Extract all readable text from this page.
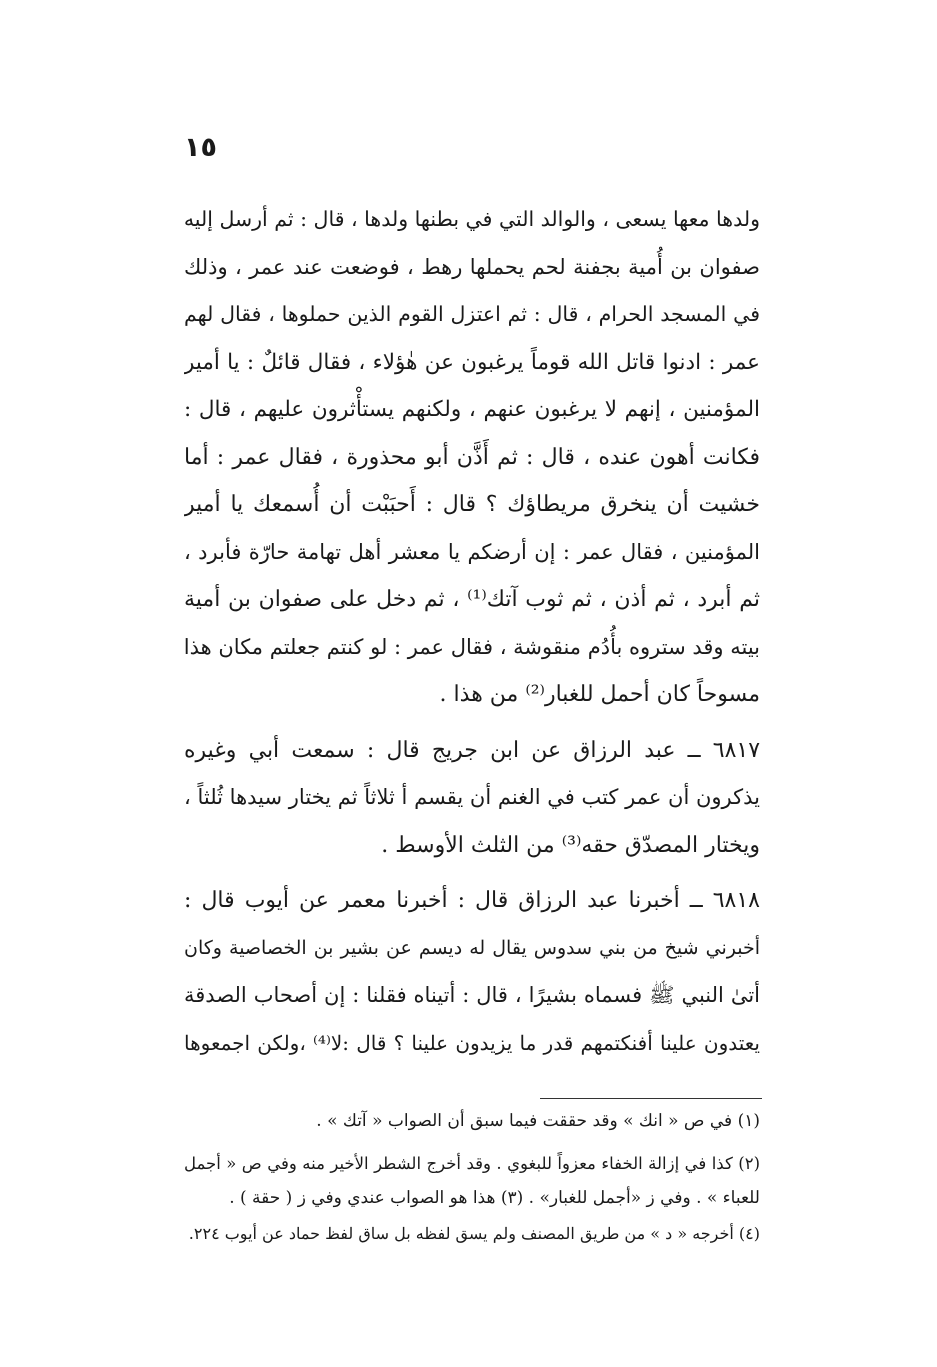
١٥
ولدها معها يسعى ، والوالد التي في بطنها ولدها ، قال : ثم أرسل إليه
صفوان بن أُمية بجفنة لحم يحملها رهط ، فوضعت عند عمر ، وذلك
في المسجد الحرام ، قال : ثم اعتزل القوم الذين حملوها ، فقال لهم
عمر : ادنوا قاتل الله قوماً يرغبون عن هٰؤلاء ، فقال قائلٌ : يا أمير
المؤمنين ، إنهم لا يرغبون عنهم ، ولكنهم يستأْثرون عليهم ، قال :
فكانت أهون عنده ، قال : ثم أَذَّن أبو محذورة ، فقال عمر : أما
خشيت أن ينخرق مريطاؤك ؟ قال : أَحبَبْت أن أُسمعك يا أمير
المؤمنين ، فقال عمر : إن أرضكم يا معشر أهل تهامة حارّة فأبرد ،
ثم أبرد ، ثم أذن ، ثم ثوب آتك⁽¹⁾ ، ثم دخل على صفوان بن أمية
بيته وقد ستروه بأُدُم منقوشة ، فقال عمر : لو كنتم جعلتم مكان هذا
مسوحاً كان أحمل للغبار⁽²⁾ من هذا .
٦٨١٧ ــ عبد الرزاق عن ابن جريج قال : سمعت أبي وغيره
يذكرون أن عمر كتب في الغنم أن يقسم أ ثلاثاً ثم يختار سيدها ثُلثاً ،
ويختار المصدّق حقه⁽³⁾ من الثلث الأوسط .
٦٨١٨ ــ أخبرنا عبد الرزاق قال : أخبرنا معمر عن أيوب قال :
أخبرني شيخ من بني سدوس يقال له ديسم عن بشير بن الخصاصية وكان
أتىٰ النبي ﷺ فسماه بشيرًا ، قال : أتيناه فقلنا : إن أصحاب الصدقة
يعتدون علينا أفنكتمهم قدر ما يزيدون علينا ؟ قال :لا⁽⁴⁾ ،ولكن اجمعوها
(١) في ص « انك » وقد حققت فيما سبق أن الصواب « آتك » .
(٢) كذا في إزالة الخفاء معزواً للبغوي . وقد أخرج الشطر الأخير منه وفي ص « أجمل
للعباء » . وفي ز «أجمل للغبار» . (٣) هذا هو الصواب عندي وفي ز ( حقة ) .
(٤) أخرجه « د » من طريق المصنف ولم يسق لفظه بل ساق لفظ حماد عن أيوب ٢٢٤.
